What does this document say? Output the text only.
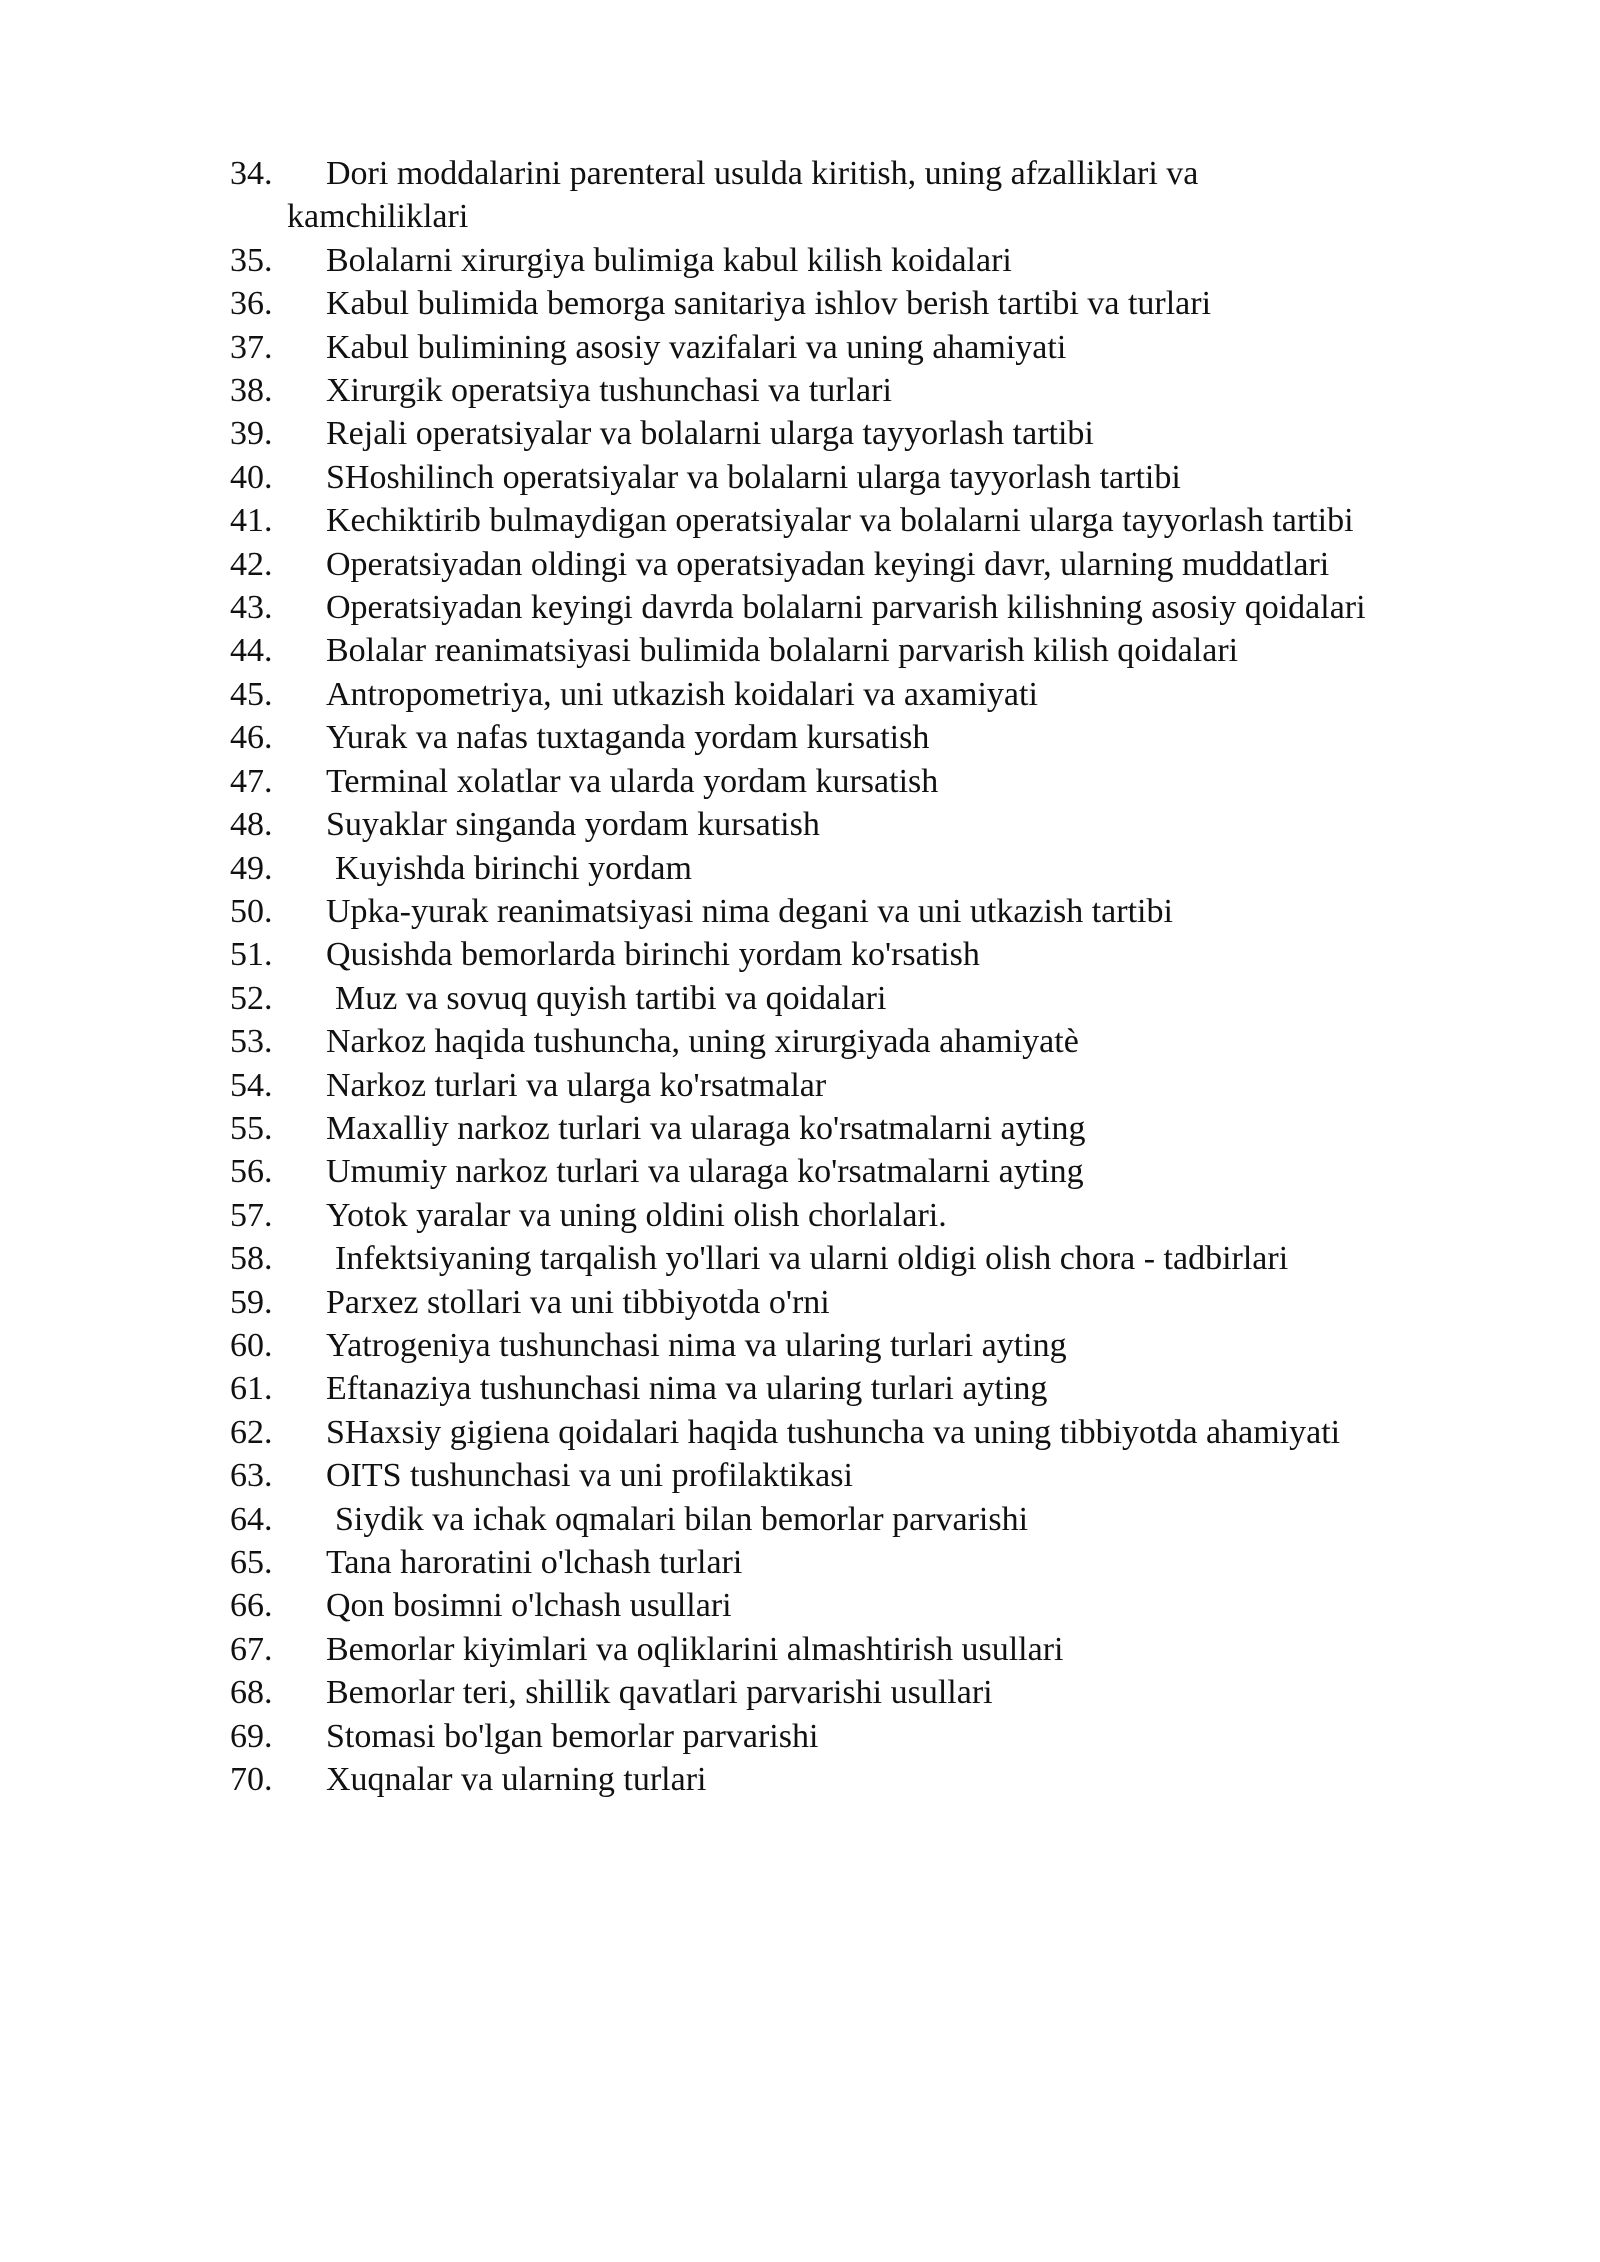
34.	Dori moddalarini parenteral usulda kiritish, uning afzalliklari va
kamchiliklari
35.	Bolalarni xirurgiya bulimiga kabul kilish koidalari
36.	Kabul bulimida bemorga sanitariya ishlov berish tartibi va turlari
37.	Kabul bulimining asosiy vazifalari va uning ahamiyati
38.	Xirurgik operatsiya tushunchasi va turlari
39.	Rejali operatsiyalar va bolalarni ularga tayyorlash tartibi
40.	SHoshilinch operatsiyalar va bolalarni ularga tayyorlash tartibi
41.	Kechiktirib bulmaydigan operatsiyalar va bolalarni ularga tayyorlash tartibi
42.	Operatsiyadan oldingi va operatsiyadan keyingi davr, ularning muddatlari
43.	Operatsiyadan keyingi davrda bolalarni parvarish kilishning asosiy qoidalari
44.	Bolalar reanimatsiyasi bulimida bolalarni parvarish kilish qoidalari
45.	Antropometriya, uni utkazish koidalari va axamiyati
46.	Yurak va nafas tuxtaganda yordam kursatish
47.	Terminal xolatlar va ularda yordam kursatish
48.	Suyaklar singanda yordam kursatish
49.	Kuyishda birinchi yordam
50.	Upka-yurak reanimatsiyasi nima degani va uni utkazish tartibi
51.	Qusishda bemorlarda birinchi yordam ko'rsatish
52.	Muz va sovuq quyish tartibi va qoidalari
53.	Narkoz haqida tushuncha, uning xirurgiyada ahamiyatè
54.	Narkoz turlari va ularga ko'rsatmalar
55.	Maxalliy narkoz turlari va ularaga ko'rsatmalarni ayting
56.	Umumiy narkoz turlari va ularaga ko'rsatmalarni ayting
57.	Yotok yaralar va uning oldini olish chorlalari.
58.	Infektsiyaning tarqalish yo'llari va ularni oldigi olish chora - tadbirlari
59.	Parxez stollari va uni tibbiyotda o'rni
60.	Yatrogeniya tushunchasi nima va ularing turlari ayting
61.	Eftanaziya tushunchasi nima va ularing turlari ayting
62.	SHaxsiy gigiena qoidalari haqida tushuncha va uning tibbiyotda ahamiyati
63.	OITS tushunchasi va uni profilaktikasi
64.	Siydik va ichak oqmalari bilan bemorlar parvarishi
65.	Tana haroratini o'lchash turlari
66.	Qon bosimni o'lchash usullari
67.	Bemorlar kiyimlari va oqliklarini almashtirish usullari
68.	Bemorlar teri, shillik qavatlari parvarishi usullari
69.	Stomasi bo'lgan bemorlar parvarishi
70.	Xuqnalar va ularning turlari
